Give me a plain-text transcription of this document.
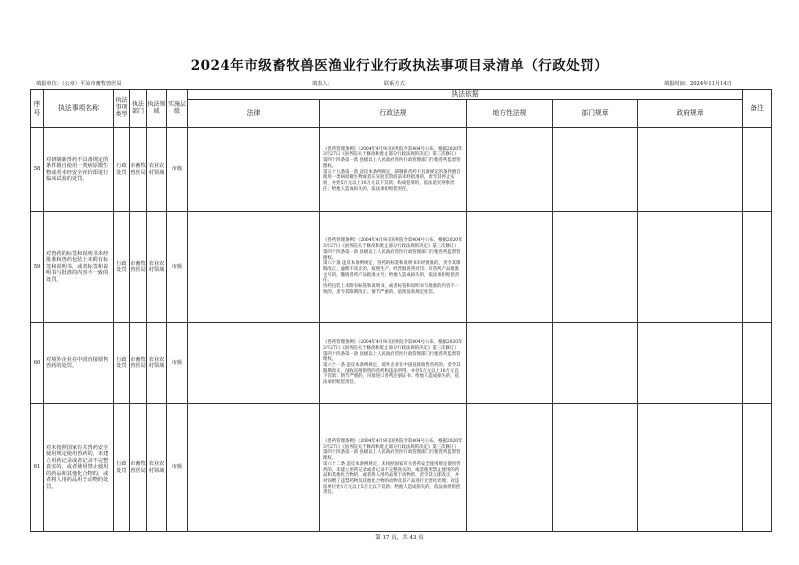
2024年市级畜牧兽医渔业行业行政执法事项目录清单（行政处罚）
填报单位：（公章）平凉市畜牧兽医局	填表人：	联系方式：	填报时间：2024年11月14日
序号	执法事项名称	执法事项类型	执法部门	执法领域	实施层级	执法依据					备注
						法律	行政法规	地方性法规	部门规章	政府规章	
58	对研制新兽药不具备规定的条件擅自使用一类病原微生物或者未经安全评价即进行临床试验的处罚。	行政处罚	市畜牧兽医局	农业农村领域	市级		《兽药管理条例》（2004年4月9日国务院令第404号公布，根据2020年3月27日《国务院关于修改和废止部分行政法规的决定》第三次修订）
第四十四条第一款 县级以上人民政府兽医行政管理部门行使兽药监督管理权。
第五十九条第一款 违反本条例规定，研制新兽药不具备规定的条件擅自使用一类病原微生物或者在实验室阶段前未经批准的，责令其停止实验，并处5万元以上10万元以下罚款；构成犯罪的，依法追究刑事责任；给他人造成损失的，依法承担赔偿责任。				
59	对兽药的标签和说明书未经批准和兽药包装上未附有标签和说明书，或者标签和说明书与批准的内容不一致的处罚。	行政处罚	市畜牧兽医局	农业农村领域	市级		《兽药管理条例》（2004年4月9日国务院令第404号公布，根据2020年3月27日《国务院关于修改和废止部分行政法规的决定》第三次修订）
第四十四条第一款 县级以上人民政府兽医行政管理部门行使兽药监督管理权。
第六十条 违反本条例规定，兽药的标签和说明书未经批准的，责令其限期改正；逾期不改正的，按照生产、经营假兽药处罚；有兽药产品批准文号的，撤销兽药产品批准文号；给他人造成损失的，依法承担赔偿责任。
兽药包装上未附有标签和说明书，或者标签和说明书与批准的内容不一致的，责令其限期改正；情节严重的，依照前款规定处罚。				
60	对境外企业在中国直接销售兽药的处罚。	行政处罚	市畜牧兽医局	农业农村领域	市级		《兽药管理条例》（2004年4月9日国务院令第404号公布，根据2020年3月27日《国务院关于修改和废止部分行政法规的决定》第三次修订）
第四十四条第一款 县级以上人民政府兽医行政管理部门行使兽药监督管理权。
第六十一条 违反本条例规定，境外企业在中国直接销售兽药的，责令其限期改正，没收直接销售的兽药和违法所得，并处5万元以上10万元以下罚款；情节严重的，吊销进口兽药注册证书；给他人造成损失的，依法承担赔偿责任。				
61	对未按照国家有关兽药安全使用规定使用兽药的，未建立用药记录或者记录不完整真实的，或者使用禁止使用的药品和其他化合物的，或者将人用药品用于动物的处罚。	行政处罚	市畜牧兽医局	农业农村领域	市级		《兽药管理条例》（2004年4月9日国务院令第404号公布，根据2020年3月27日《国务院关于修改和废止部分行政法规的决定》第三次修订）
第四十四条第一款 县级以上人民政府兽医行政管理部门行使兽药监督管理权。
第六十二条 违反本条例规定，未按照国家有关兽药安全使用规定使用兽药的、未建立用药记录或者记录不完整真实的，或者使用禁止使用的药品和其他化合物的，或者将人用药品用于动物的，责令其立即改正，并对饲喂了违禁药物及其他化合物的动物及其产品进行无害化处理；对违法单位处1万元以上5万元以下罚款；给他人造成损失的，依法承担赔偿责任。				
第 17 页，共 43 页
